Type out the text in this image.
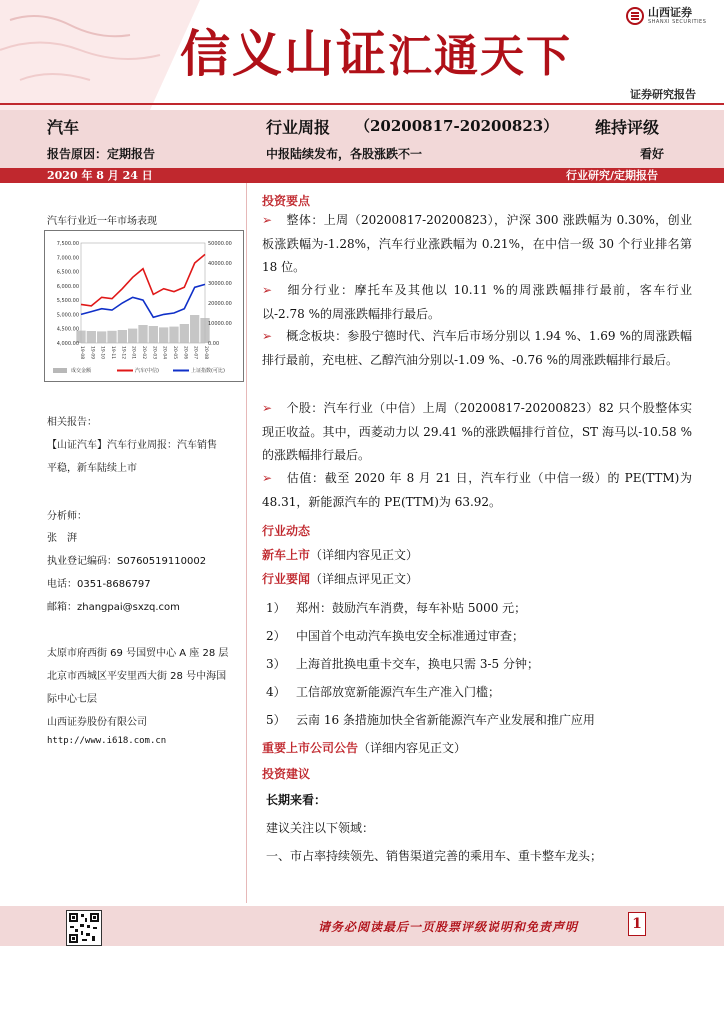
信义山证汇通天下
山西证券
SHANXI SECURITIES
证券研究报告
汽车	行业周报 （20200817-20200823） 维持评级
报告原因：定期报告	中报陆续发布，各股涨跌不一	看好
2020 年 8 月 24 日	行业研究/定期报告
汽车行业近一年市场表现
7,500.00
7,000.00
6,500.00
6,000.00
5,500.00
5,000.00
4,500.00
4,000.00
50000.00
40000.00
30000.00
20000.00
10000.00
0.00
19-08 19-09 19-10 19-11 19-12 20-01 20-02 20-03 20-04 20-05 20-06 20-07 20-08
成交金额	汽车(中信)	上证指数(可比)
相关报告：
【山证汽车】汽车行业周报：汽车销售
平稳，新车陆续上市
分析师：
张　湃
执业登记编码：S0760519110002
电话：0351-8686797
邮箱：zhangpai@sxzq.com
太原市府西街 69 号国贸中心 A 座 28 层
北京市西城区平安里西大街 28 号中海国
际中心七层
山西证券股份有限公司
http://www.i618.com.cn
投资要点
➢ 整体：上周（20200817-20200823），沪深 300 涨跌幅为 0.30%，创业板涨跌幅为-1.28%，汽车行业涨跌幅为 0.21%，在中信一级 30 个行业排名第 18 位。
➢ 细分行业：摩托车及其他以 10.11 %的周涨跌幅排行最前，客车行业以-2.78 %的周涨跌幅排行最后。
➢ 概念板块：参股宁德时代、汽车后市场分别以 1.94 %、1.69 %的周涨跌幅排行最前，充电桩、乙醇汽油分别以-1.09 %、-0.76 %的周涨跌幅排行最后。
➢ 个股：汽车行业（中信）上周（20200817-20200823）82 只个股整体实现正收益。其中，西菱动力以 29.41 %的涨跌幅排行首位，ST 海马以-10.58 %的涨跌幅排行最后。
➢ 估值：截至 2020 年 8 月 21 日，汽车行业（中信一级）的 PE(TTM)为 48.31，新能源汽车的 PE(TTM)为 63.92。
行业动态
新车上市（详细内容见正文）
行业要闻（详细点评见正文）
1） 郑州：鼓励汽车消费，每车补贴 5000 元；
2） 中国首个电动汽车换电安全标准通过审查；
3） 上海首批换电重卡交车，换电只需 3-5 分钟；
4） 工信部放宽新能源汽车生产准入门槛；
5） 云南 16 条措施加快全省新能源汽车产业发展和推广应用
重要上市公司公告（详细内容见正文）
投资建议
长期来看：
建议关注以下领域：
一、市占率持续领先、销售渠道完善的乘用车、重卡整车龙头；
请务必阅读最后一页股票评级说明和免责声明	1
